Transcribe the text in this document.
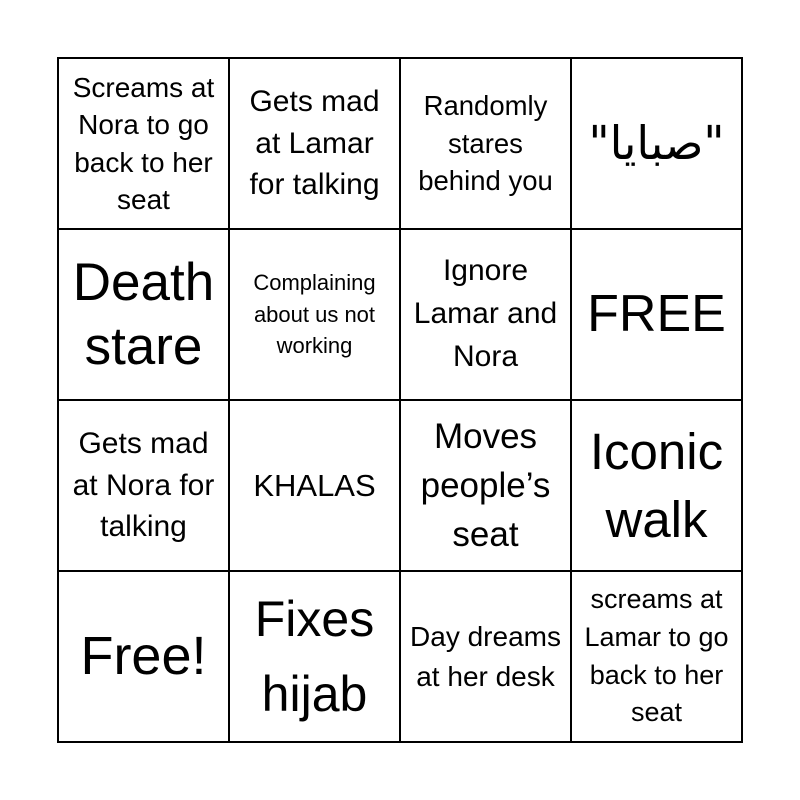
Screams at Nora to go back to her seat
Gets mad at Lamar for talking
Randomly stares behind you
"صبايا"
Death stare
Complaining about us not working
Ignore Lamar and Nora
FREE
Gets mad at Nora for talking
KHALAS
Moves people’s seat
Iconic walk
Free!
Fixes hijab
Day dreams at her desk
screams at Lamar to go back to her seat
